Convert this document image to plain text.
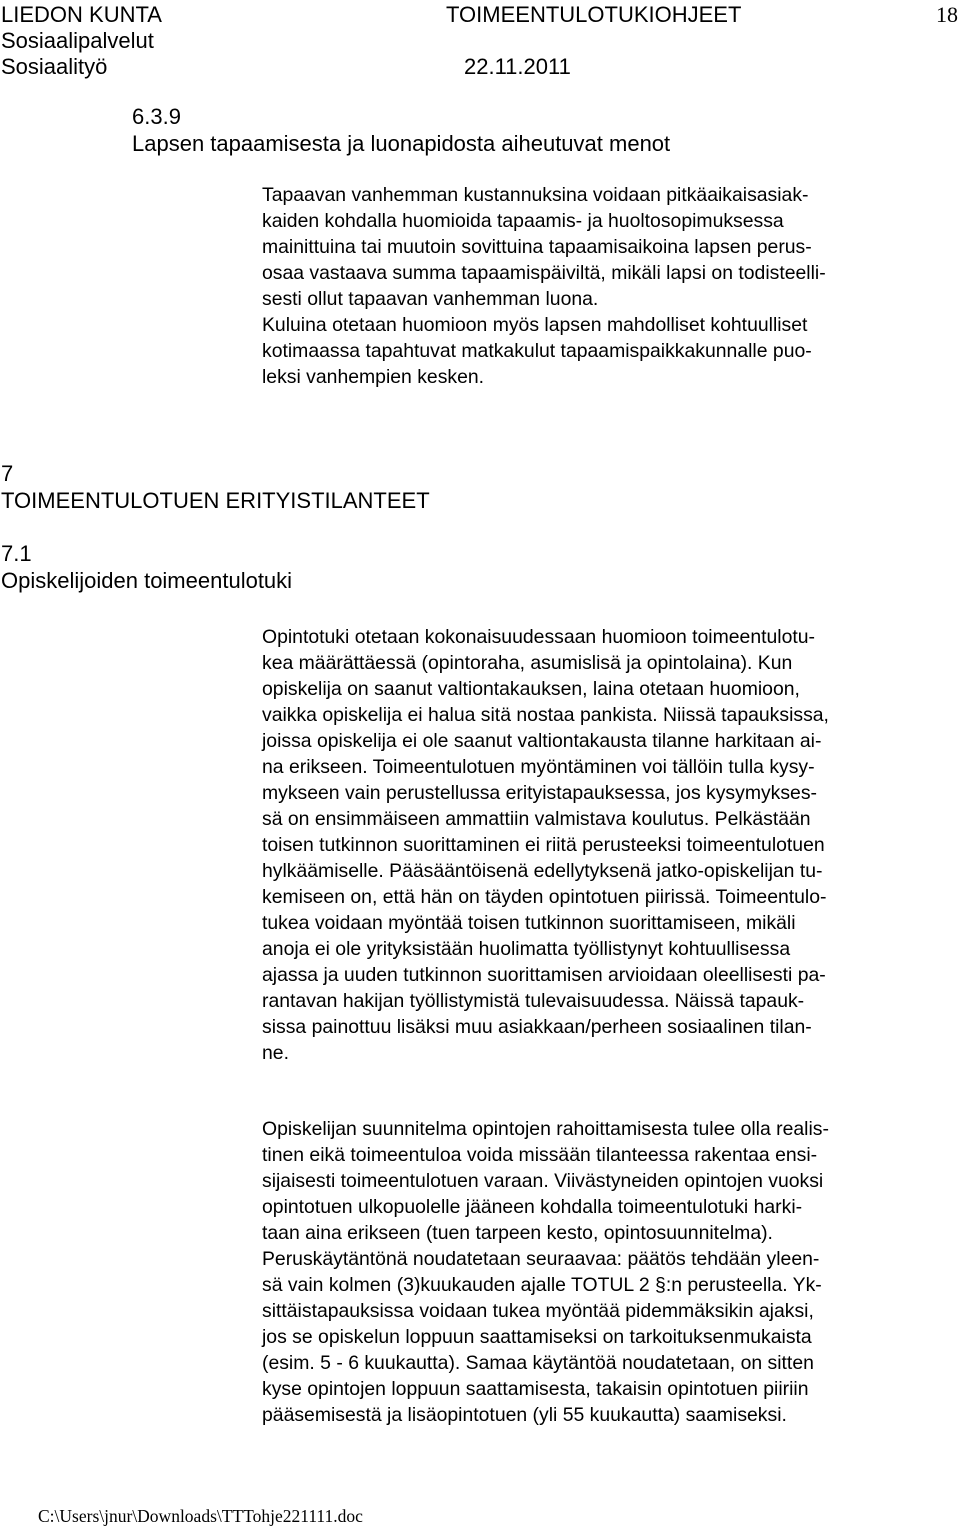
LIEDON KUNTA	TOIMEENTULOTUKIOHJEET	18
Sosiaalipalvelut
Sosiaalityö	22.11.2011
6.3.9
Lapsen tapaamisesta ja luonapidosta aiheutuvat menot
Tapaavan vanhemman kustannuksina voidaan pitkäaikaisasiak-
kaiden kohdalla huomioida tapaamis- ja huoltosopimuksessa
mainittuina tai muutoin sovittuina tapaamisaikoina lapsen perus-
osaa vastaava summa tapaamispäiviltä, mikäli lapsi on todisteelli-
sesti ollut tapaavan vanhemman luona.
Kuluina otetaan huomioon myös lapsen mahdolliset kohtuulliset
kotimaassa tapahtuvat matkakulut tapaamispaikkakunnalle puo-
leksi vanhempien kesken.
7
TOIMEENTULOTUEN ERITYISTILANTEET
7.1
Opiskelijoiden toimeentulotuki
Opintotuki otetaan kokonaisuudessaan huomioon toimeentulotu-
kea määrättäessä (opintoraha, asumislisä ja opintolaina). Kun
opiskelija on saanut valtiontakauksen, laina otetaan huomioon,
vaikka opiskelija ei halua sitä nostaa pankista. Niissä tapauksissa,
joissa opiskelija ei ole saanut valtiontakausta tilanne harkitaan ai-
na erikseen. Toimeentulotuen myöntäminen voi tällöin tulla kysy-
mykseen vain perustellussa erityistapauksessa, jos kysymykses-
sä on ensimmäiseen ammattiin valmistava koulutus. Pelkästään
toisen tutkinnon suorittaminen ei riitä perusteeksi toimeentulotuen
hylkäämiselle. Pääsääntöisenä edellytyksenä jatko-opiskelijan tu-
kemiseen on, että hän on täyden opintotuen piirissä. Toimeentulo-
tukea voidaan myöntää toisen tutkinnon suorittamiseen, mikäli
anoja ei ole yrityksistään huolimatta työllistynyt kohtuullisessa
ajassa ja uuden tutkinnon suorittamisen arvioidaan oleellisesti pa-
rantavan hakijan työllistymistä tulevaisuudessa. Näissä tapauk-
sissa painottuu lisäksi muu asiakkaan/perheen sosiaalinen tilan-
ne.
Opiskelijan suunnitelma opintojen rahoittamisesta tulee olla realis-
tinen eikä toimeentuloa voida missään tilanteessa rakentaa ensi-
sijaisesti toimeentulotuen varaan. Viivästyneiden opintojen vuoksi
opintotuen ulkopuolelle jääneen kohdalla toimeentulotuki harki-
taan aina erikseen (tuen tarpeen kesto, opintosuunnitelma).
Peruskäytäntönä noudatetaan seuraavaa: päätös tehdään yleen-
sä vain kolmen (3)kuukauden ajalle TOTUL 2 §:n perusteella. Yk-
sittäistapauksissa voidaan tukea myöntää pidemmäksikin ajaksi,
jos se opiskelun loppuun saattamiseksi on tarkoituksenmukaista
(esim. 5 - 6 kuukautta). Samaa käytäntöä noudatetaan, on sitten
kyse opintojen loppuun saattamisesta, takaisin opintotuen piiriin
pääsemisestä ja lisäopintotuen (yli 55 kuukautta) saamiseksi.
C:\Users\jnur\Downloads\TTTohje221111.doc
